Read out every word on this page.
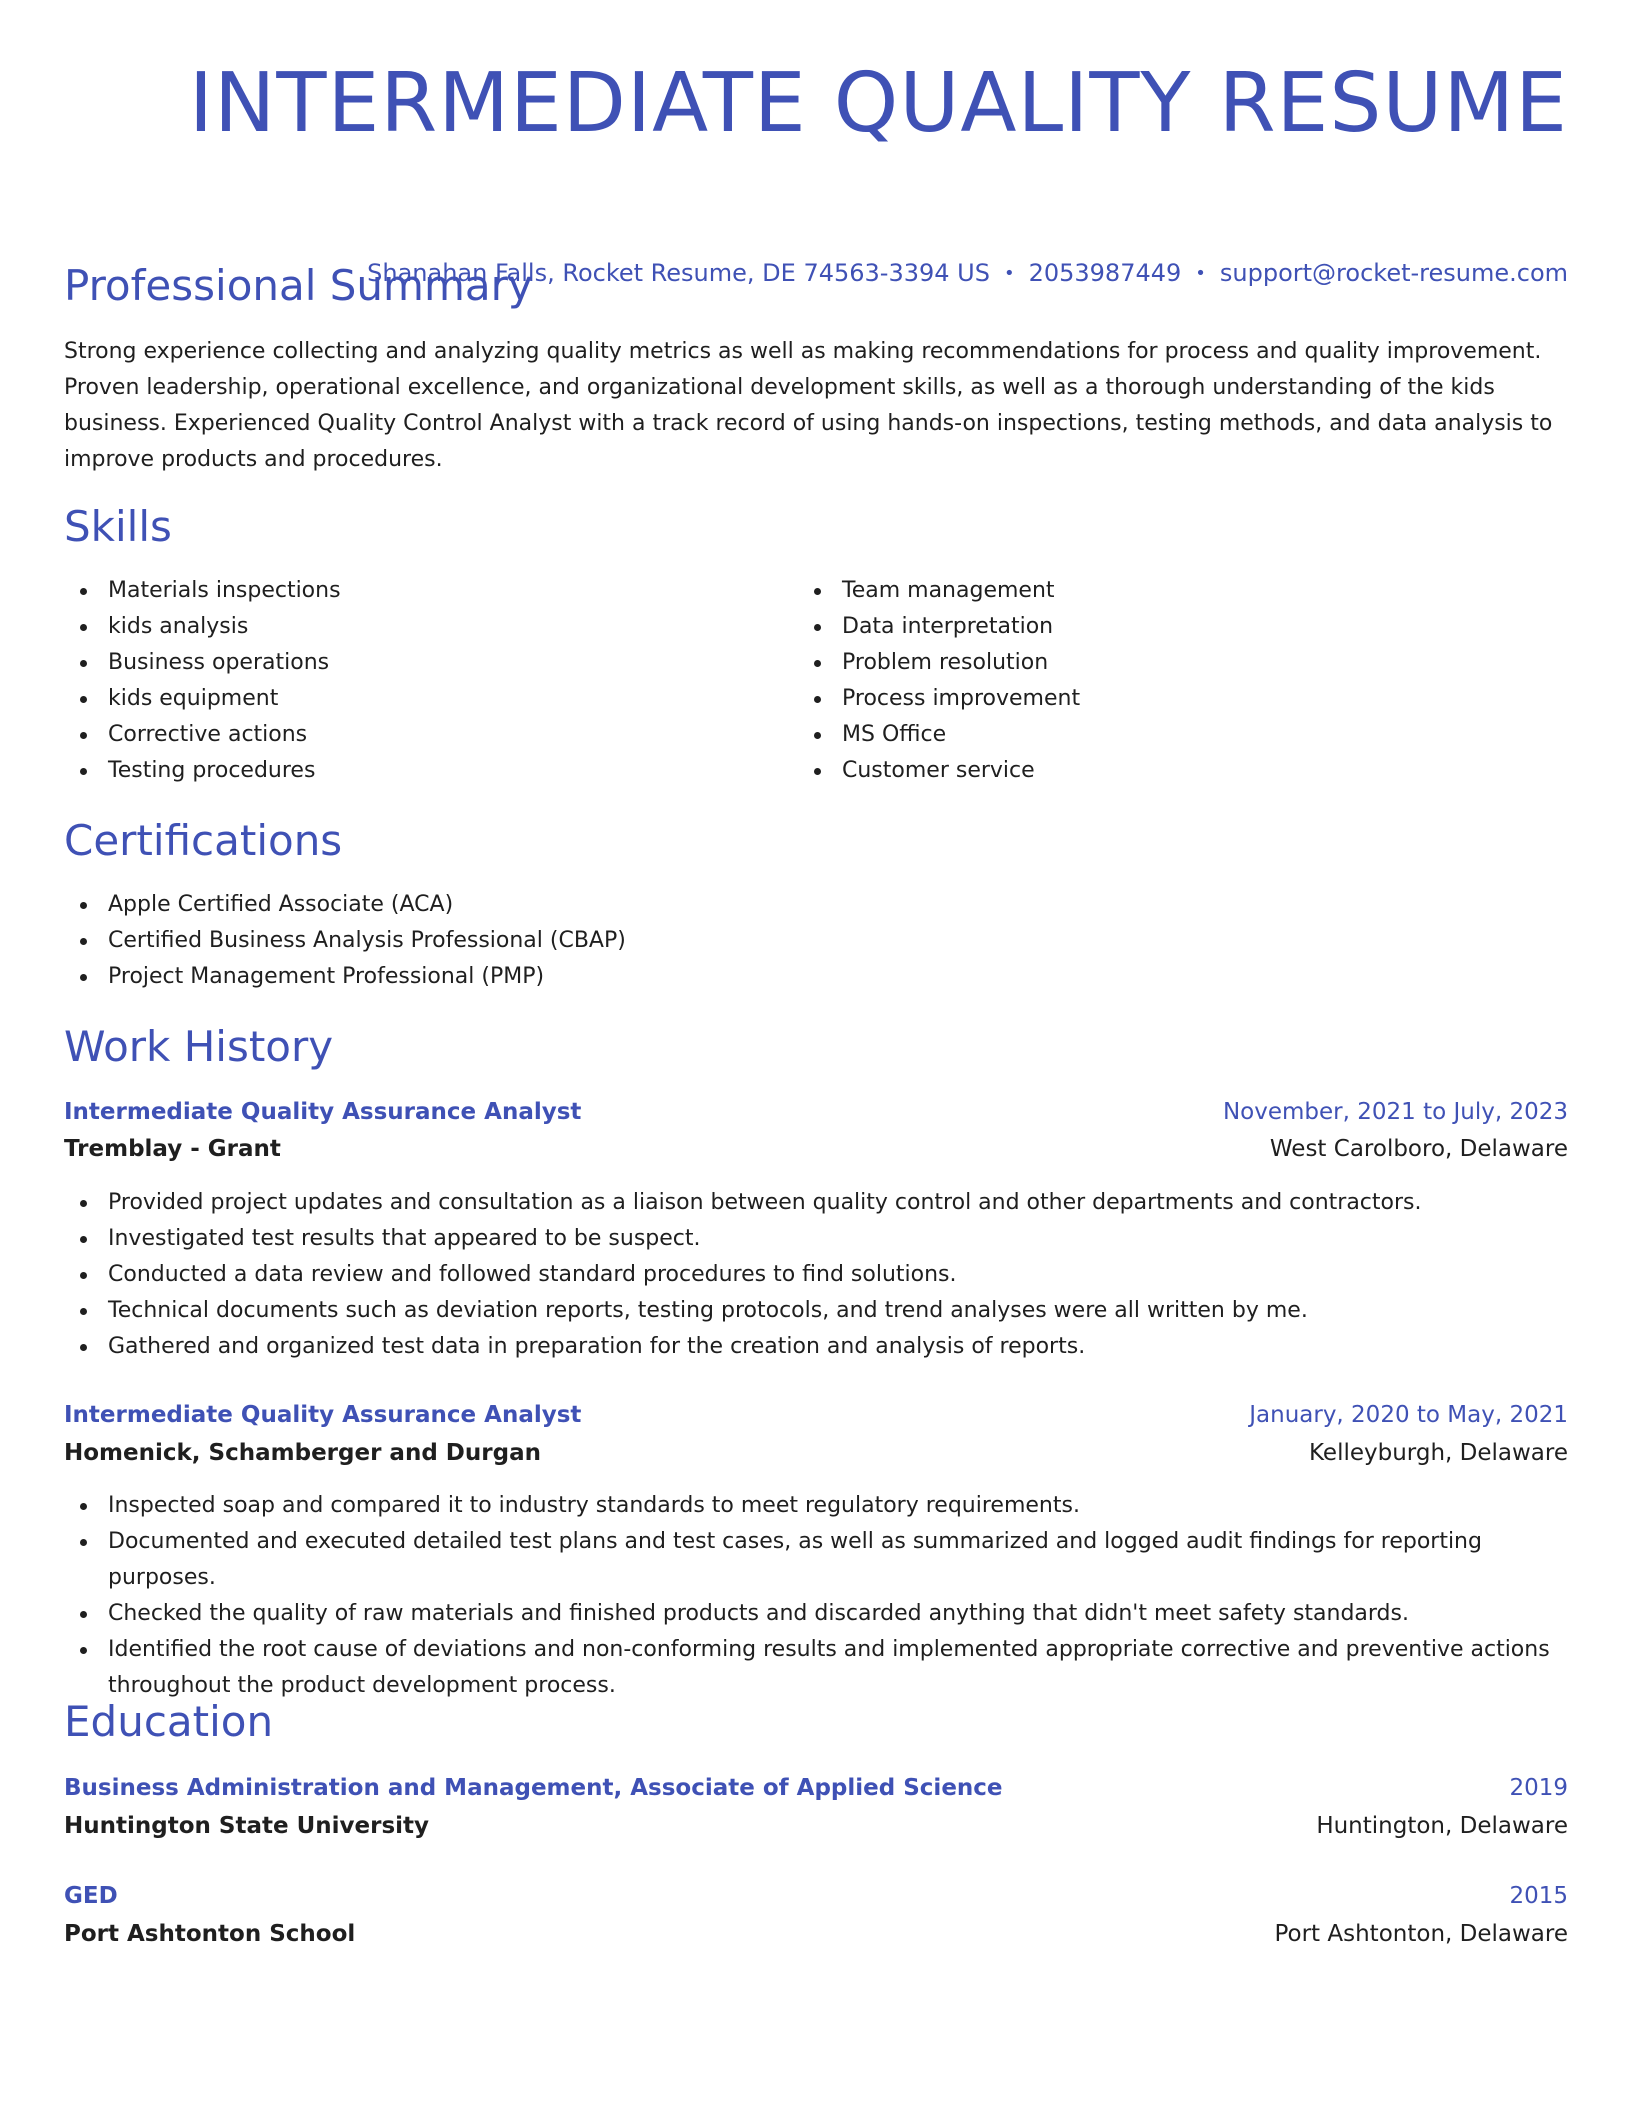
INTERMEDIATE QUALITY RESUME
Shanahan Falls, Rocket Resume, DE 74563-3394 US • 2053987449 • support@rocket-resume.com
Professional Summary

Strong experience collecting and analyzing quality metrics as well as making recommendations for process and quality improvement. Proven leadership, operational excellence, and organizational development skills, as well as a thorough understanding of the kids business. Experienced Quality Control Analyst with a track record of using hands-on inspections, testing methods, and data analysis to improve products and procedures.

Skills
Materials inspections
kids analysis
Business operations
kids equipment
Corrective actions
Testing procedures
Team management
Data interpretation
Problem resolution
Process improvement
MS Office
Customer service
Certifications
Apple Certified Associate (ACA)
Certified Business Analysis Professional (CBAP)
Project Management Professional (PMP)
Work History
Intermediate Quality Assurance Analyst	November, 2021 to July, 2023
Tremblay - Grant	West Carolboro, Delaware
Provided project updates and consultation as a liaison between quality control and other departments and contractors.
Investigated test results that appeared to be suspect.
Conducted a data review and followed standard procedures to find solutions.
Technical documents such as deviation reports, testing protocols, and trend analyses were all written by me.
Gathered and organized test data in preparation for the creation and analysis of reports.
Intermediate Quality Assurance Analyst	January, 2020 to May, 2021
Homenick, Schamberger and Durgan	Kelleyburgh, Delaware
Inspected soap and compared it to industry standards to meet regulatory requirements.
Documented and executed detailed test plans and test cases, as well as summarized and logged audit findings for reporting purposes.
Checked the quality of raw materials and finished products and discarded anything that didn't meet safety standards.
Identified the root cause of deviations and non-conforming results and implemented appropriate corrective and preventive actions throughout the product development process.
Education
Business Administration and Management, Associate of Applied Science	2019
Huntington State University	Huntington, Delaware
GED	2015
Port Ashtonton School	Port Ashtonton, Delaware
